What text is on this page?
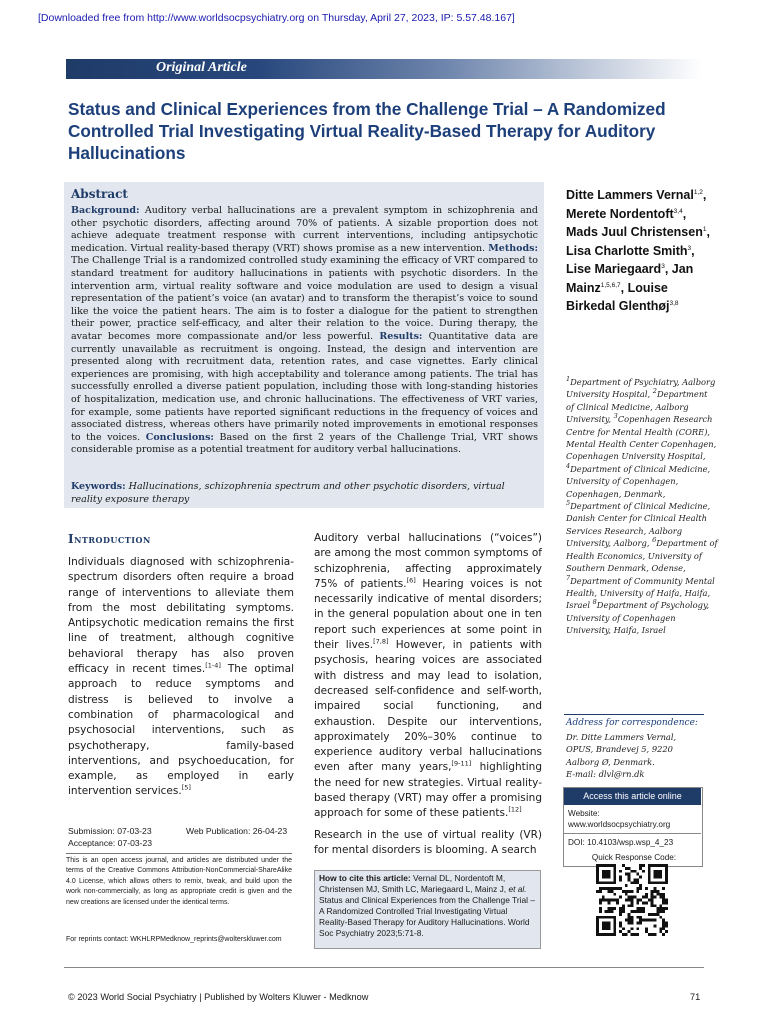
[Downloaded free from http://www.worldsocpsychiatry.org on Thursday, April 27, 2023, IP: 5.57.48.167]
Original Article
Status and Clinical Experiences from the Challenge Trial – A Randomized Controlled Trial Investigating Virtual Reality-Based Therapy for Auditory Hallucinations
Abstract
Background: Auditory verbal hallucinations are a prevalent symptom in schizophrenia and other psychotic disorders, affecting around 70% of patients. A sizable proportion does not achieve adequate treatment response with current interventions, including antipsychotic medication. Virtual reality-based therapy (VRT) shows promise as a new intervention. Methods: The Challenge Trial is a randomized controlled study examining the efficacy of VRT compared to standard treatment for auditory hallucinations in patients with psychotic disorders. In the intervention arm, virtual reality software and voice modulation are used to design a visual representation of the patient’s voice (an avatar) and to transform the therapist’s voice to sound like the voice the patient hears. The aim is to foster a dialogue for the patient to strengthen their power, practice self-efficacy, and alter their relation to the voice. During therapy, the avatar becomes more compassionate and/or less powerful. Results: Quantitative data are currently unavailable as recruitment is ongoing. Instead, the design and intervention are presented along with recruitment data, retention rates, and case vignettes. Early clinical experiences are promising, with high acceptability and tolerance among patients. The trial has successfully enrolled a diverse patient population, including those with long-standing histories of hospitalization, medication use, and chronic hallucinations. The effectiveness of VRT varies, for example, some patients have reported significant reductions in the frequency of voices and associated distress, whereas others have primarily noted improvements in emotional responses to the voices. Conclusions: Based on the first 2 years of the Challenge Trial, VRT shows considerable promise as a potential treatment for auditory verbal hallucinations.
Keywords: Hallucinations, schizophrenia spectrum and other psychotic disorders, virtual reality exposure therapy
Ditte Lammers Vernal$^{1,2}$, Merete Nordentoft$^{3,4}$, Mads Juul Christensen$^1$, Lisa Charlotte Smith$^3$, Lise Mariegaard$^3$, Jan Mainz$^{1,5,6,7}$, Louise Birkedal Glenthøj$^{3,8}$
$^1$Department of Psychiatry, Aalborg University Hospital, $^2$Department of Clinical Medicine, Aalborg University, $^3$Copenhagen Research Centre for Mental Health (CORE), Mental Health Center Copenhagen, Copenhagen University Hospital, $^4$Department of Clinical Medicine, University of Copenhagen, Copenhagen, Denmark, $^5$Department of Clinical Medicine, Danish Center for Clinical Health Services Research, Aalborg University, Aalborg, $^6$Department of Health Economics, University of Southern Denmark, Odense, $^7$Department of Community Mental Health, University of Haifa, Haifa, Israel $^8$Department of Psychology, University of Copenhagen University, Haifa, Israel
Address for correspondence:
Dr. Ditte Lammers Vernal,
OPUS, Brandevej 5, 9220
Aalborg Ø, Denmark.
E-mail: dlvl@rn.dk
Access this article online
Website:
www.worldsocpsychiatry.org
DOI: 10.4103/wsp.wsp_4_23
Quick Response Code:
Introduction
Individuals diagnosed with schizophrenia-spectrum disorders often require a broad range of interventions to alleviate them from the most debilitating symptoms. Antipsychotic medication remains the first line of treatment, although cognitive behavioral therapy has also proven efficacy in recent times.[1-4] The optimal approach to reduce symptoms and distress is believed to involve a combination of pharmacological and psychosocial interventions, such as psychotherapy, family-based interventions, and psychoeducation, for example, as employed in early intervention services.[5]

Auditory verbal hallucinations (“voices”) are among the most common symptoms of schizophrenia, affecting approximately 75% of patients.[6] Hearing voices is not necessarily indicative of mental disorders; in the general population about one in ten report such experiences at some point in their lives.[7,8] However, in patients with psychosis, hearing voices are associated with distress and may lead to isolation, decreased self-confidence and self-worth, impaired social functioning, and exhaustion. Despite our interventions, approximately 20%–30% continue to experience auditory verbal hallucinations even after many years,[9-11] highlighting the need for new strategies. Virtual reality-based therapy (VRT) may offer a promising approach for some of these patients.[12]

Research in the use of virtual reality (VR) for mental disorders is blooming. A search

Submission: 07-03-23	Web Publication: 26-04-23
Acceptance: 07-03-23
This is an open access journal, and articles are distributed under the terms of the Creative Commons Attribution-NonCommercial-ShareAlike 4.0 License, which allows others to remix, tweak, and build upon the work non-commercially, as long as appropriate credit is given and the new creations are licensed under the identical terms.
For reprints contact: WKHLRPMedknow_reprints@wolterskluwer.com
How to cite this article: Vernal DL, Nordentoft M, Christensen MJ, Smith LC, Mariegaard L, Mainz J, et al. Status and Clinical Experiences from the Challenge Trial – A Randomized Controlled Trial Investigating Virtual Reality-Based Therapy for Auditory Hallucinations. World Soc Psychiatry 2023;5:71-8.
© 2023 World Social Psychiatry | Published by Wolters Kluwer - Medknow	71
